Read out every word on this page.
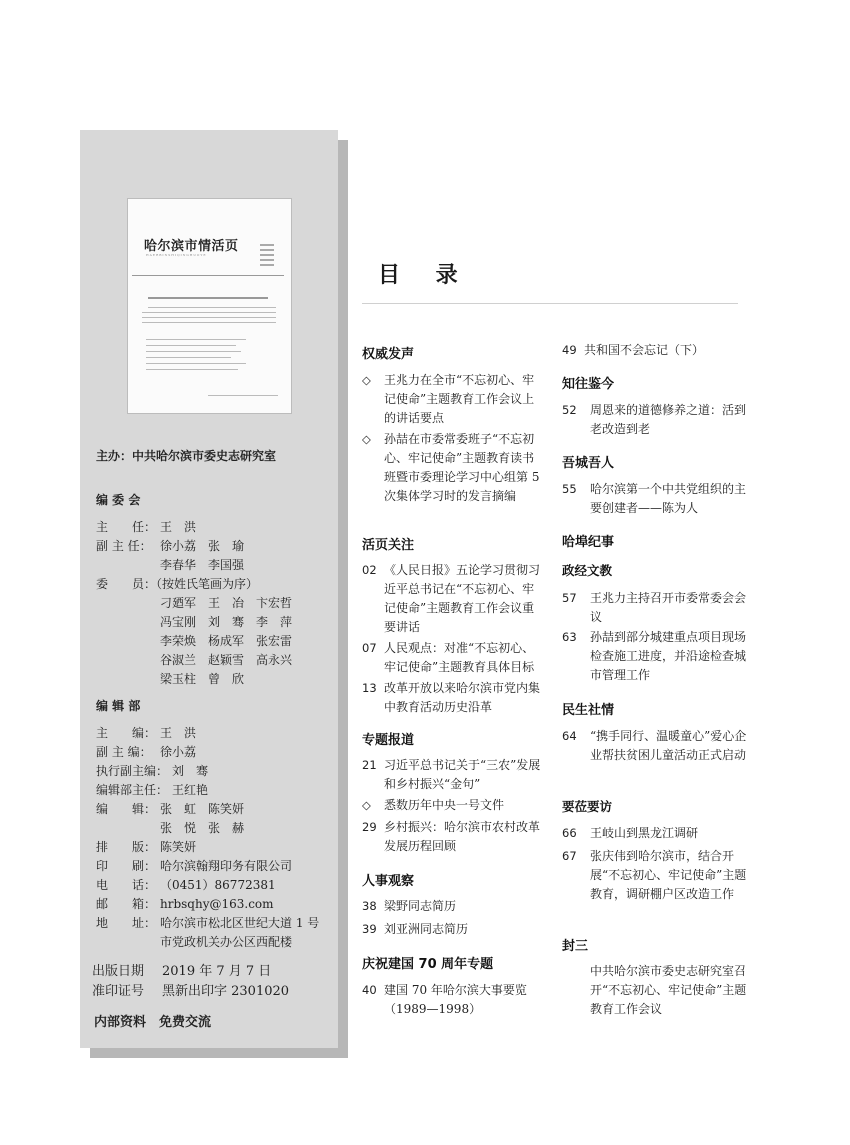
哈尔滨市情活页
HAERBINSHIQINGHUOYE
主办：中共哈尔滨市委史志研究室
编 委 会
主　　任： 王　洪
副 主 任： 徐小荔　张　瑜
李春华　李国强
委　　员：
（按姓氏笔画为序）
刁廼军　王　冶　卞宏哲
冯宝刚　刘　骞　李　萍
李荣焕　杨成军　张宏雷
谷淑兰　赵颖雪　高永兴
梁玉柱　曾　欣
编 辑 部
主　　编： 王　洪
副 主 编： 徐小荔
执行副主编： 刘　骞
编辑部主任： 王红艳
编　　辑： 张　虹　陈笑妍
张　悦　张　赫
排　　版： 陈笑妍
印　　刷： 哈尔滨翰翔印务有限公司
电　　话： （0451）86772381
邮　　箱： hrbsqhy@163.com
地　　址： 哈尔滨市松北区世纪大道 1 号
市党政机关办公区西配楼
出版日期 2019 年 7 月 7 日
准印证号 黑新出印字 2301020
内部资料　免费交流
目 录
权威发声
◇	王兆力在全市“不忘初心、牢记使命”主题教育工作会议上的讲话要点
◇	孙喆在市委常委班子“不忘初心、牢记使命”主题教育读书班暨市委理论学习中心组第 5 次集体学习时的发言摘编
活页关注
02 《人民日报》五论学习贯彻习近平总书记在“不忘初心、牢记使命”主题教育工作会议重要讲话
07 人民观点：对准“不忘初心、牢记使命”主题教育具体目标
13 改革开放以来哈尔滨市党内集中教育活动历史沿革
专题报道
21 习近平总书记关于“三农”发展和乡村振兴“金句”
◇	悉数历年中央一号文件
29 乡村振兴：哈尔滨市农村改革发展历程回顾
人事观察
38 梁野同志简历
39 刘亚洲同志简历
庆祝建国 70 周年专题
40 建国 70 年哈尔滨大事要览（1989—1998）
49 共和国不会忘记（下）
知往鉴今
52	周恩来的道德修养之道：活到老改造到老
吾城吾人
55	哈尔滨第一个中共党组织的主要创建者——陈为人
哈埠纪事
政经文教
57	王兆力主持召开市委常委会会议
63	孙喆到部分城建重点项目现场检查施工进度，并沿途检查城市管理工作
民生社情
64	“携手同行、温暖童心”爱心企业帮扶贫困儿童活动正式启动
要莅要访
66	王岐山到黑龙江调研
67	张庆伟到哈尔滨市，结合开展“不忘初心、牢记使命”主题教育，调研棚户区改造工作
封三
中共哈尔滨市委史志研究室召开“不忘初心、牢记使命”主题教育工作会议
